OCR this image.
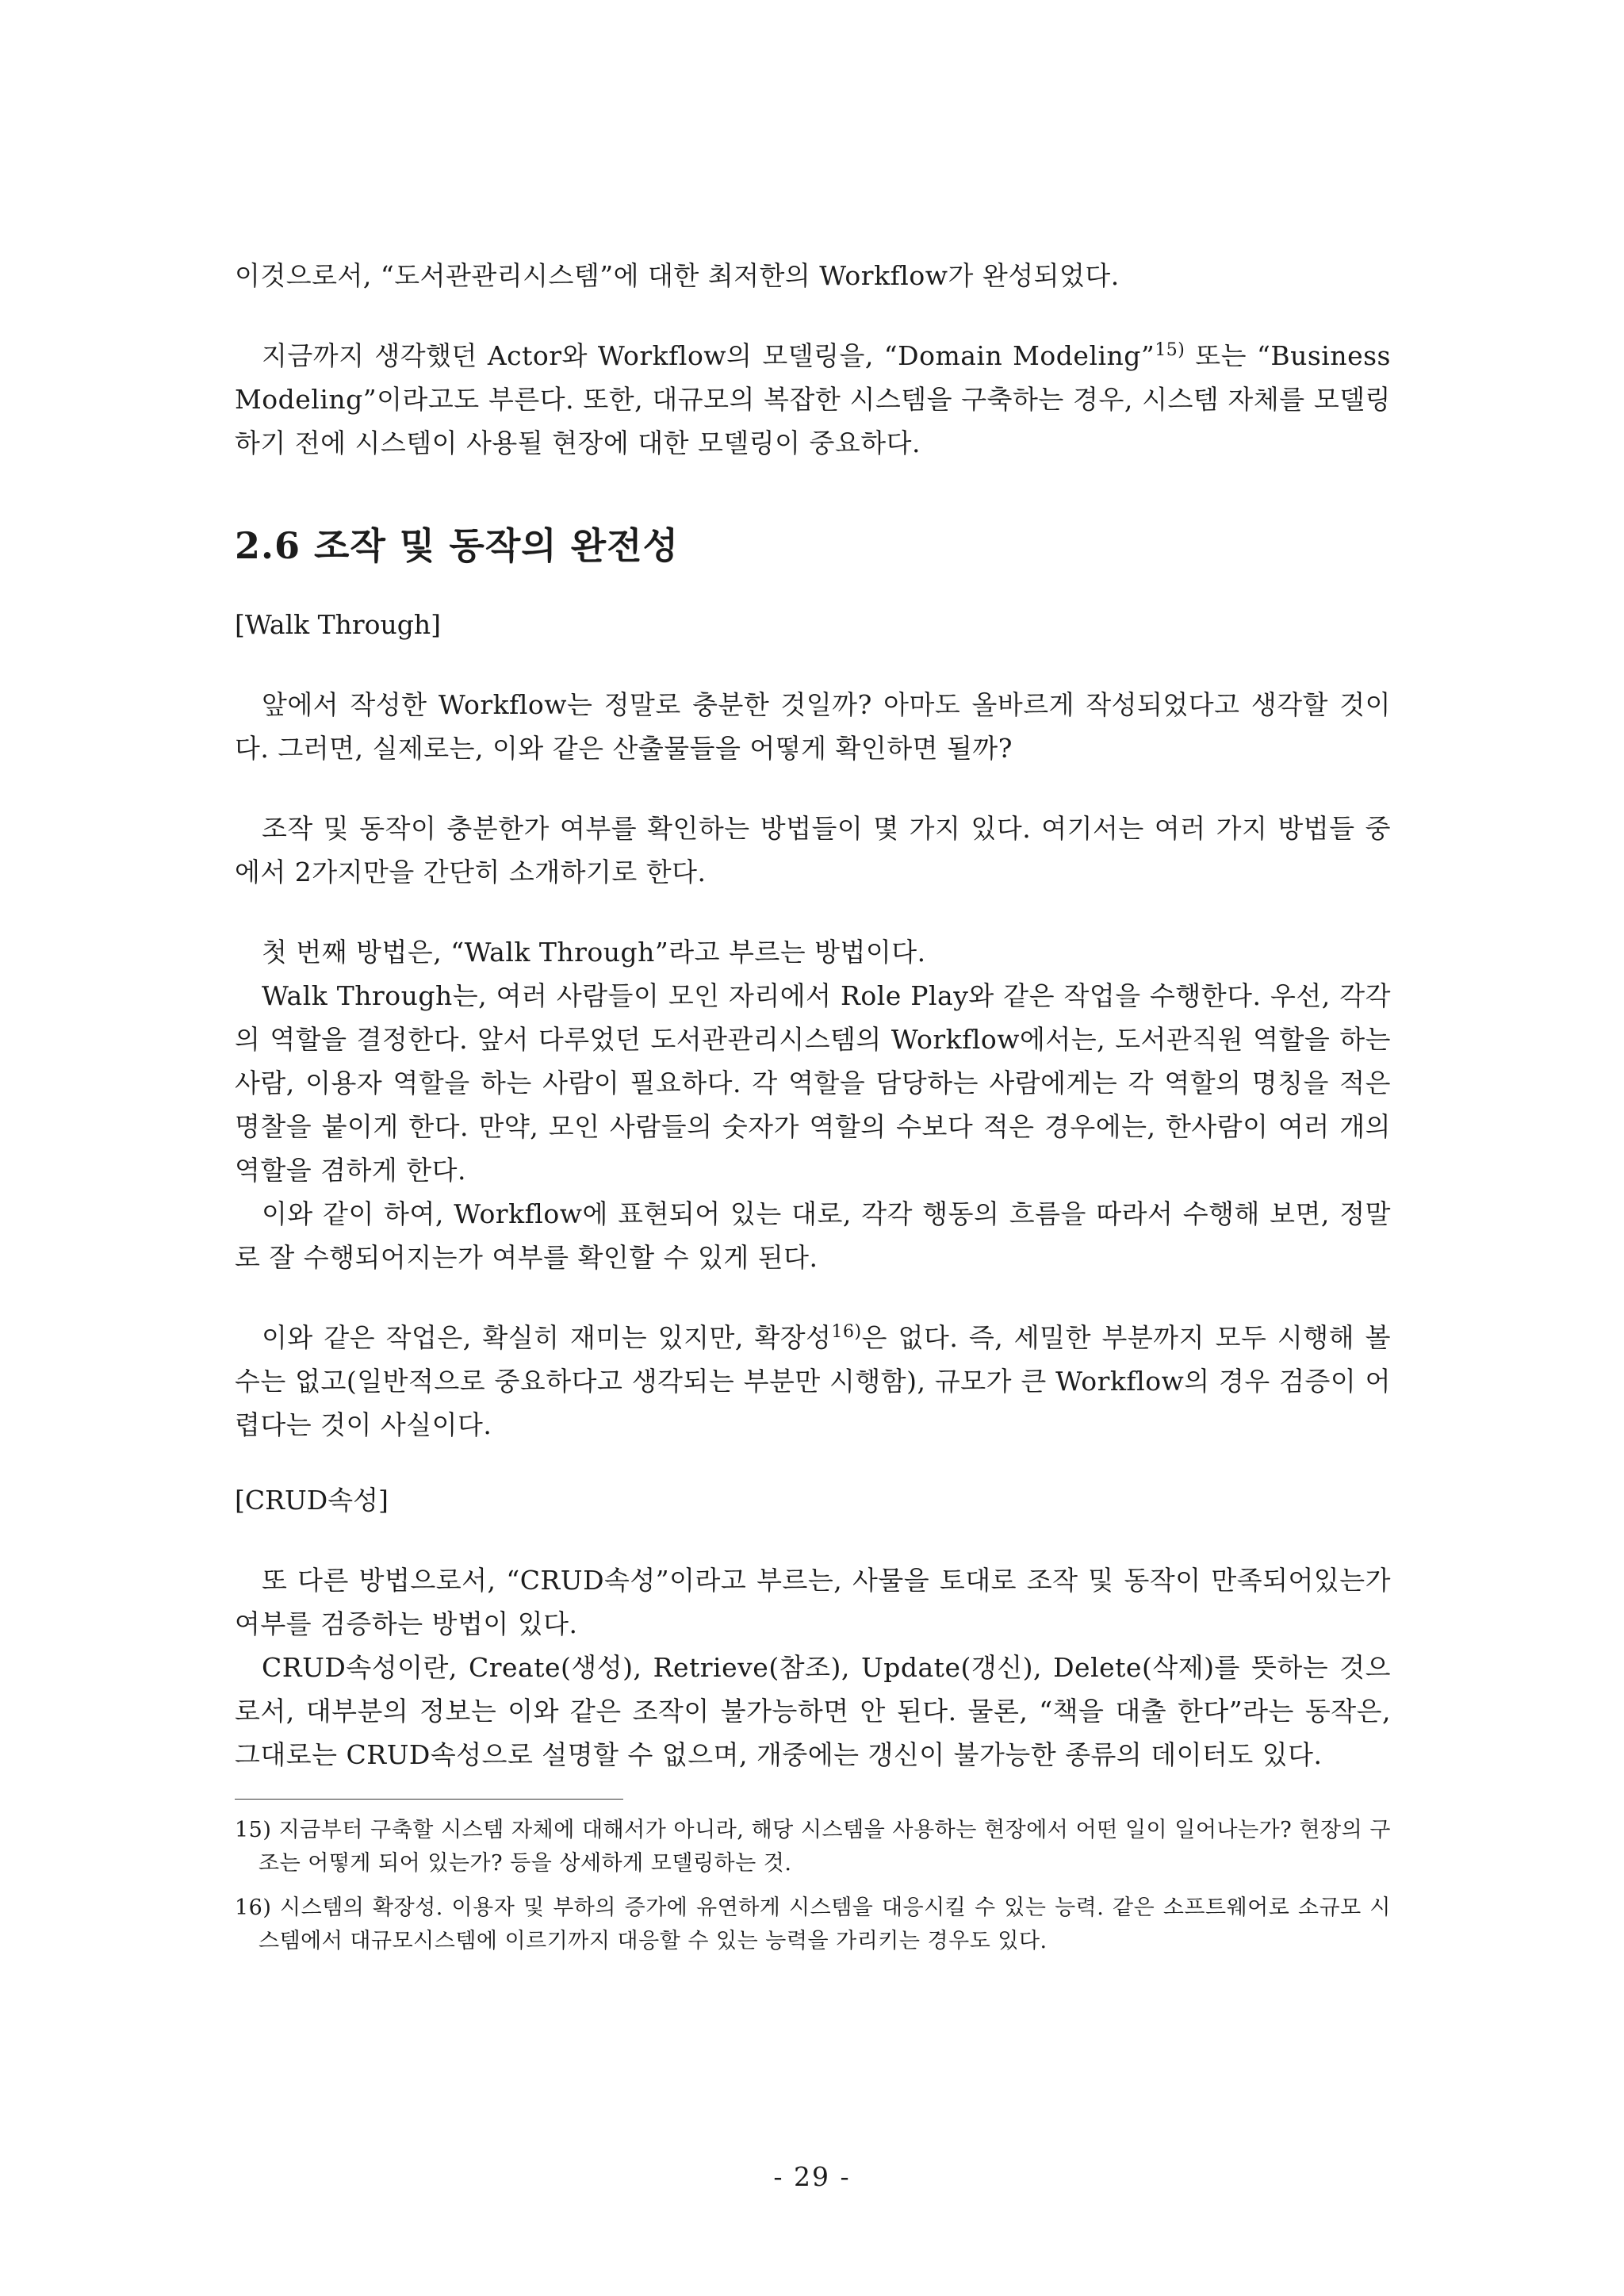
이것으로서, “도서관관리시스템”에 대한 최저한의 Workflow가 완성되었다.

지금까지 생각했던 Actor와 Workflow의 모델링을, “Domain Modeling”$^{15)}$ 또는 “Business Modeling”이라고도 부른다. 또한, 대규모의 복잡한 시스템을 구축하는 경우, 시스템 자체를 모델링하기 전에 시스템이 사용될 현장에 대한 모델링이 중요하다.

2.6 조작 및 동작의 완전성
[Walk Through]

앞에서 작성한 Workflow는 정말로 충분한 것일까? 아마도 올바르게 작성되었다고 생각할 것이다. 그러면, 실제로는, 이와 같은 산출물들을 어떻게 확인하면 될까?

조작 및 동작이 충분한가 여부를 확인하는 방법들이 몇 가지 있다. 여기서는 여러 가지 방법들 중에서 2가지만을 간단히 소개하기로 한다.

첫 번째 방법은, “Walk Through”라고 부르는 방법이다.

Walk Through는, 여러 사람들이 모인 자리에서 Role Play와 같은 작업을 수행한다. 우선, 각각의 역할을 결정한다. 앞서 다루었던 도서관관리시스템의 Workflow에서는, 도서관직원 역할을 하는 사람, 이용자 역할을 하는 사람이 필요하다. 각 역할을 담당하는 사람에게는 각 역할의 명칭을 적은 명찰을 붙이게 한다. 만약, 모인 사람들의 숫자가 역할의 수보다 적은 경우에는, 한사람이 여러 개의 역할을 겸하게 한다.

이와 같이 하여, Workflow에 표현되어 있는 대로, 각각 행동의 흐름을 따라서 수행해 보면, 정말로 잘 수행되어지는가 여부를 확인할 수 있게 된다.

이와 같은 작업은, 확실히 재미는 있지만, 확장성$^{16)}$은 없다. 즉, 세밀한 부분까지 모두 시행해 볼 수는 없고(일반적으로 중요하다고 생각되는 부분만 시행함), 규모가 큰 Workflow의 경우 검증이 어렵다는 것이 사실이다.

[CRUD속성]

또 다른 방법으로서, “CRUD속성”이라고 부르는, 사물을 토대로 조작 및 동작이 만족되어있는가 여부를 검증하는 방법이 있다.

CRUD속성이란, Create(생성), Retrieve(참조), Update(갱신), Delete(삭제)를 뜻하는 것으로서, 대부분의 정보는 이와 같은 조작이 불가능하면 안 된다. 물론, “책을 대출 한다”라는 동작은, 그대로는 CRUD속성으로 설명할 수 없으며, 개중에는 갱신이 불가능한 종류의 데이터도 있다.

15) 지금부터 구축할 시스템 자체에 대해서가 아니라, 해당 시스템을 사용하는 현장에서 어떤 일이 일어나는가? 현장의 구조는 어떻게 되어 있는가? 등을 상세하게 모델링하는 것.

16) 시스템의 확장성. 이용자 및 부하의 증가에 유연하게 시스템을 대응시킬 수 있는 능력. 같은 소프트웨어로 소규모 시스템에서 대규모시스템에 이르기까지 대응할 수 있는 능력을 가리키는 경우도 있다.

- 29 -
